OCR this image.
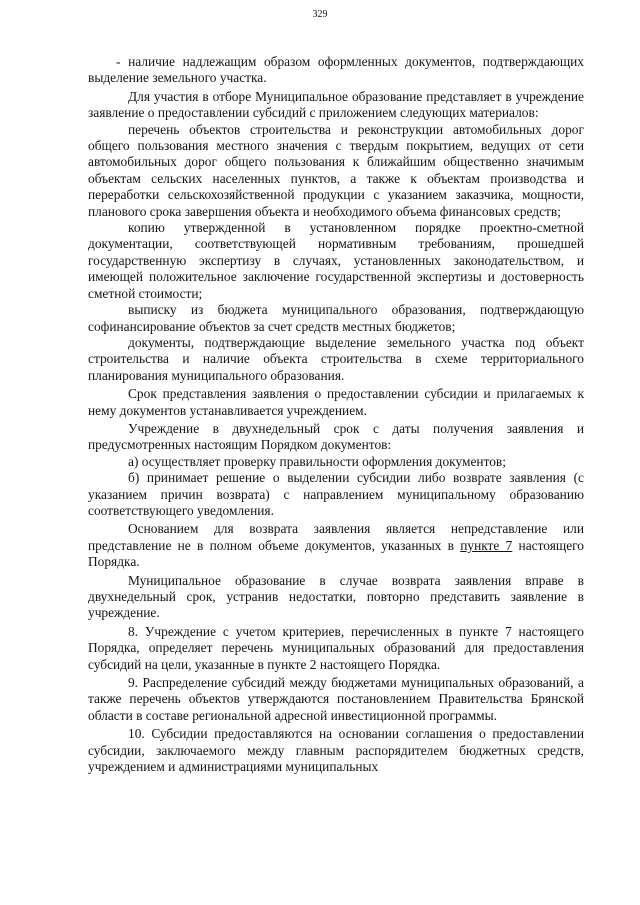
329

- наличие надлежащим образом оформленных документов, подтверждающих выделение земельного участка.

Для участия в отборе Муниципальное образование представляет в учреждение заявление о предоставлении субсидий с приложением следующих материалов:

перечень объектов строительства и реконструкции автомобильных дорог общего пользования местного значения с твердым покрытием, ведущих от сети автомобильных дорог общего пользования к ближайшим общественно значимым объектам сельских населенных пунктов, а также к объектам производства и переработки сельскохозяйственной продукции с указанием заказчика, мощности, планового срока завершения объекта и необходимого объема финансовых средств;

копию утвержденной в установленном порядке проектно-сметной документации, соответствующей нормативным требованиям, прошедшей государственную экспертизу в случаях, установленных законодательством, и имеющей положительное заключение государственной экспертизы и достоверность сметной стоимости;

выписку из бюджета муниципального образования, подтверждающую софинансирование объектов за счет средств местных бюджетов;

документы, подтверждающие выделение земельного участка под объект строительства и наличие объекта строительства в схеме территориального планирования муниципального образования.

Срок представления заявления о предоставлении субсидии и прилагаемых к нему документов устанавливается учреждением.

Учреждение в двухнедельный срок с даты получения заявления и предусмотренных настоящим Порядком документов:

а) осуществляет проверку правильности оформления документов;

б) принимает решение о выделении субсидии либо возврате заявления (с указанием причин возврата) с направлением муниципальному образованию соответствующего уведомления.

Основанием для возврата заявления является непредставление или представление не в полном объеме документов, указанных в пункте 7 настоящего Порядка.

Муниципальное образование в случае возврата заявления вправе в двухнедельный срок, устранив недостатки, повторно представить заявление в учреждение.

8. Учреждение с учетом критериев, перечисленных в пункте 7 настоящего Порядка, определяет перечень муниципальных образований для предоставления субсидий на цели, указанные в пункте 2 настоящего Порядка.

9. Распределение субсидий между бюджетами муниципальных образований, а также перечень объектов утверждаются постановлением Правительства Брянской области в составе региональной адресной инвестиционной программы.

10. Субсидии предоставляются на основании соглашения о предоставлении субсидии, заключаемого между главным распорядителем бюджетных средств, учреждением и администрациями муниципальных
